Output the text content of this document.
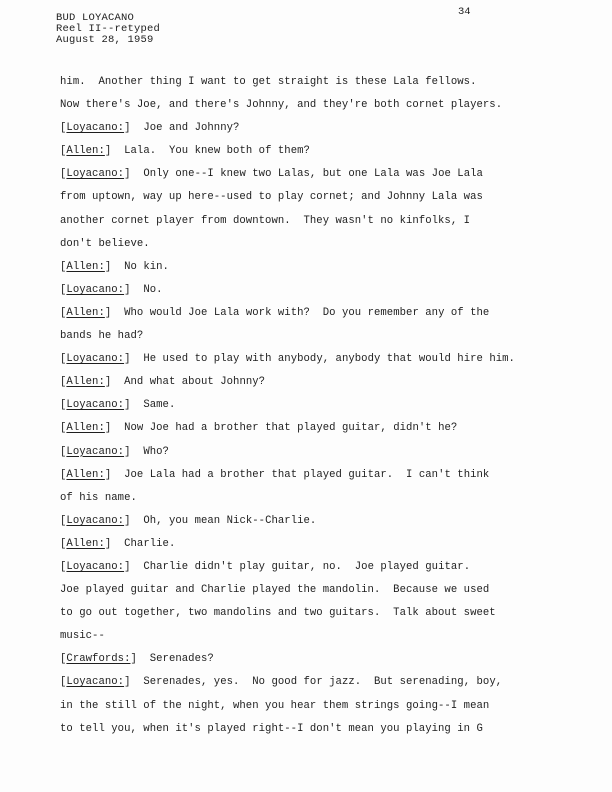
BUD LOYACANO
Reel II--retyped
August 28, 1959
34
him.  Another thing I want to get straight is these Lala fellows.
Now there's Joe, and there's Johnny, and they're both cornet players.
[Loyacano:]  Joe and Johnny?
[Allen:]  Lala.  You knew both of them?
[Loyacano:]  Only one--I knew two Lalas, but one Lala was Joe Lala
from uptown, way up here--used to play cornet; and Johnny Lala was
another cornet player from downtown.  They wasn't no kinfolks, I
don't believe.
[Allen:]  No kin.
[Loyacano:]  No.
[Allen:]  Who would Joe Lala work with?  Do you remember any of the
bands he had?
[Loyacano:]  He used to play with anybody, anybody that would hire him.
[Allen:]  And what about Johnny?
[Loyacano:]  Same.
[Allen:]  Now Joe had a brother that played guitar, didn't he?
[Loyacano:]  Who?
[Allen:]  Joe Lala had a brother that played guitar.  I can't think
of his name.
[Loyacano:]  Oh, you mean Nick--Charlie.
[Allen:]  Charlie.
[Loyacano:]  Charlie didn't play guitar, no.  Joe played guitar.
Joe played guitar and Charlie played the mandolin.  Because we used
to go out together, two mandolins and two guitars.  Talk about sweet
music--
[Crawfords:]  Serenades?
[Loyacano:]  Serenades, yes.  No good for jazz.  But serenading, boy,
in the still of the night, when you hear them strings going--I mean
to tell you, when it's played right--I don't mean you playing in G
